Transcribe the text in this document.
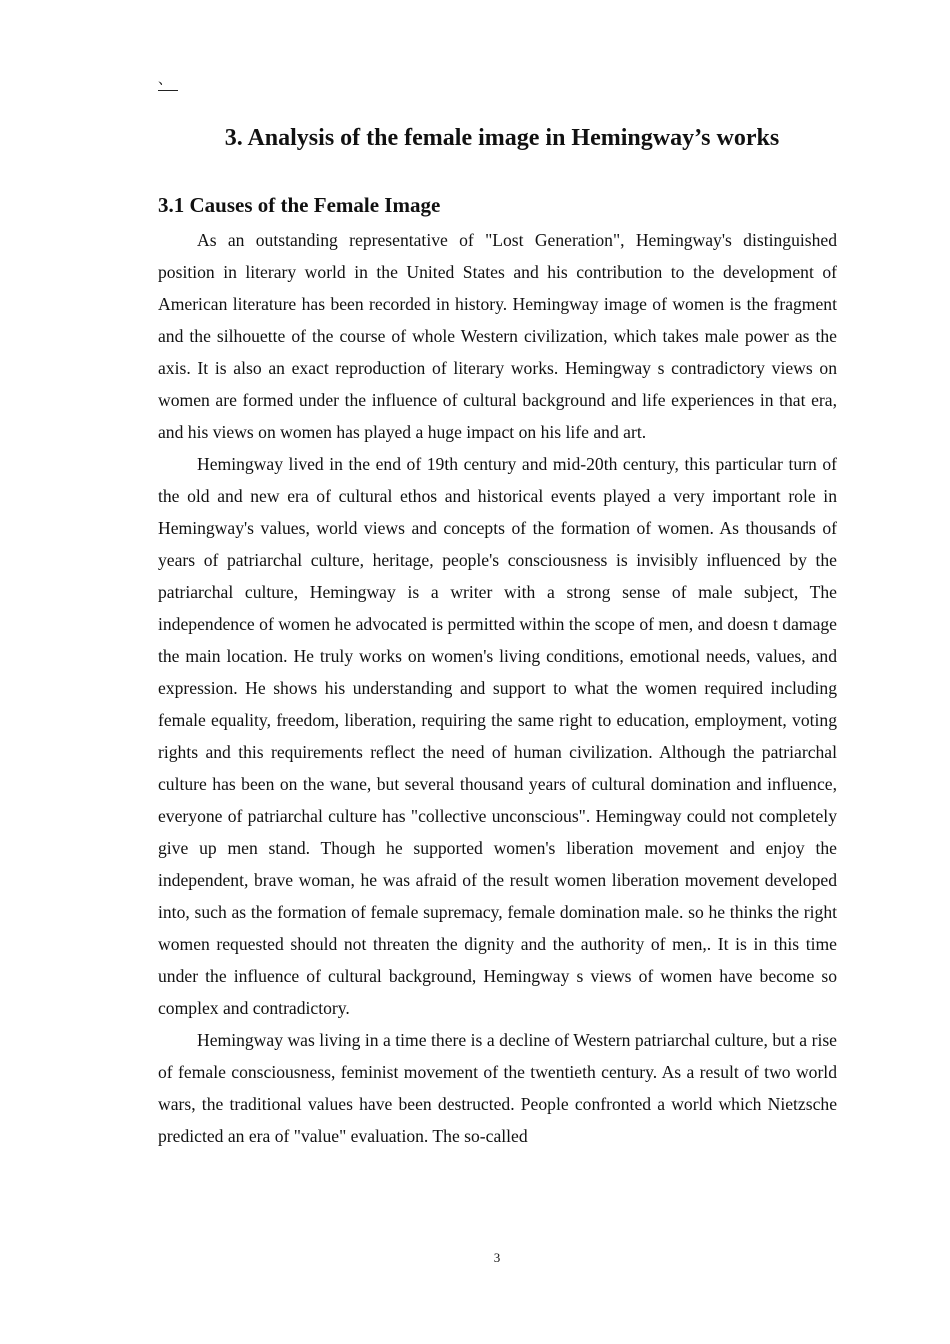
、
3. Analysis of the female image in Hemingway’s works
3.1 Causes of the Female Image

As an outstanding representative of "Lost Generation", Hemingway's distinguished position in literary world in the United States and his contribution to the development of American literature has been recorded in history. Hemingway image of women is the fragment and the silhouette of the course of whole Western civilization, which takes male power as the axis. It is also an exact reproduction of literary works. Hemingway s contradictory views on women are formed under the influence of cultural background and life experiences in that era, and his views on women has played a huge impact on his life and art.

Hemingway lived in the end of 19th century and mid-20th century, this particular turn of the old and new era of cultural ethos and historical events played a very important role in Hemingway's values, world views and concepts of the formation of women. As thousands of years of patriarchal culture, heritage, people's consciousness is invisibly influenced by the patriarchal culture, Hemingway is a writer with a strong sense of male subject, The independence of women he advocated is permitted within the scope of men, and doesn t damage the main location. He truly works on women's living conditions, emotional needs, values, and expression. He shows his understanding and support to what the women required including female equality, freedom, liberation, requiring the same right to education, employment, voting rights and this requirements reflect the need of human civilization. Although the patriarchal culture has been on the wane, but several thousand years of cultural domination and influence, everyone of patriarchal culture has "collective unconscious". Hemingway could not completely give up men stand. Though he supported women's liberation movement and enjoy the independent, brave woman, he was afraid of the result women liberation movement developed into, such as the formation of female supremacy, female domination male. so he thinks the right women requested should not threaten the dignity and the authority of men,. It is in this time under the influence of cultural background, Hemingway s views of women have become so complex and contradictory.

Hemingway was living in a time there is a decline of Western patriarchal culture, but a rise of female consciousness, feminist movement of the twentieth century. As a result of two world wars, the traditional values have been destructed. People confronted a world which Nietzsche predicted an era of "value" evaluation. The so-called

3
